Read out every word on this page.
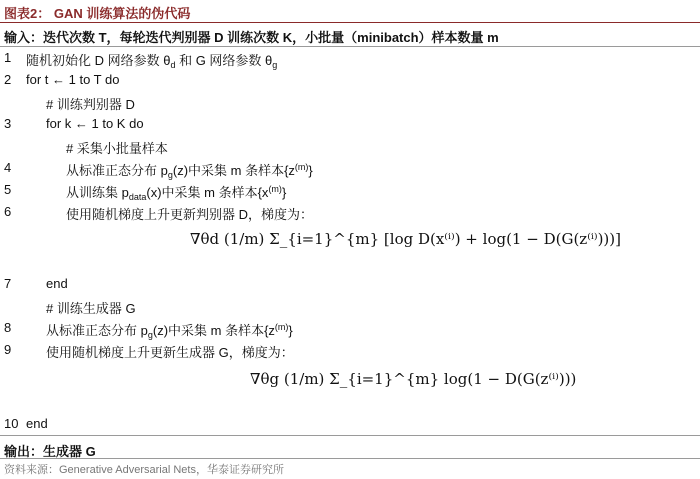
图表2： GAN 训练算法的伪代码
输入：迭代次数 T，每轮迭代判别器 D 训练次数 K，小批量（minibatch）样本数量 m
1 随机初始化 D 网络参数 $\theta_d$ 和 G 网络参数 $\theta_g$
2 for t ← 1 to T do
# 训练判别器 D
3	for k ← 1 to K do
# 采集小批量样本
4	从标准正态分布 $p_g(z)$中采集 m 条样本$\{z^{(m)}\}$
5	从训练集 $p_{data}(x)$中采集 m 条样本$\{x^{(m)}\}$
6	使用随机梯度上升更新判别器 D，梯度为：
∇θd (1/m) Σ_{i=1}^{m} [log D(x⁽ⁱ⁾) + log(1 − D(G(z⁽ⁱ⁾)))]
7	end
# 训练生成器 G
8	从标准正态分布 $p_g(z)$中采集 m 条样本$\{z^{(m)}\}$
9	使用随机梯度上升更新生成器 G，梯度为：
∇θg (1/m) Σ_{i=1}^{m} log(1 − D(G(z⁽ⁱ⁾)))
10 end
输出：生成器 G
资料来源：Generative Adversarial Nets，华泰证券研究所
